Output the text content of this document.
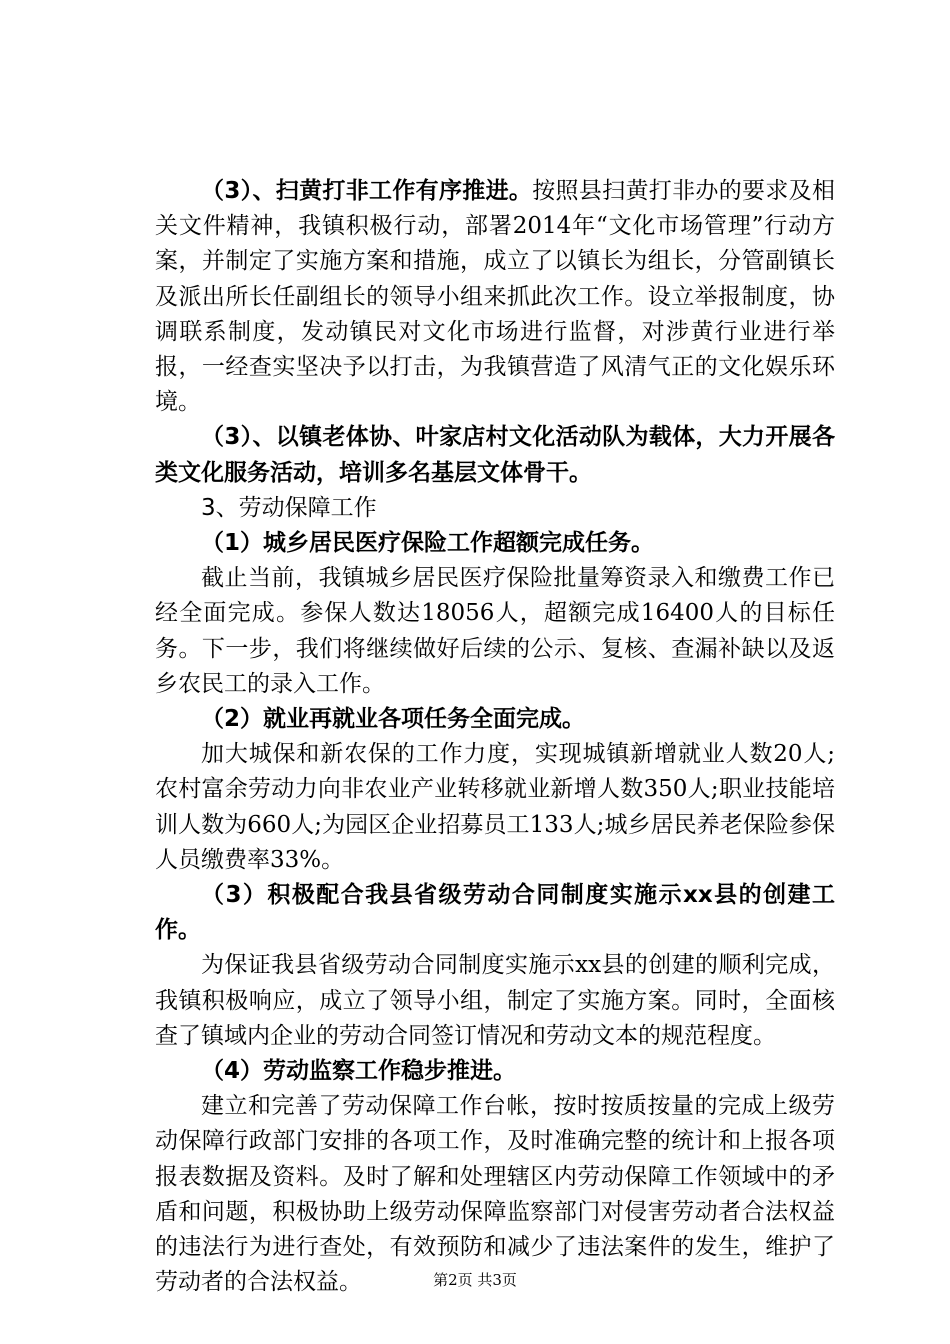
（3）、扫黄打非工作有序推进。按照县扫黄打非办的要求及相关文件精神，我镇积极行动，部署2014年“文化市场管理”行动方案，并制定了实施方案和措施，成立了以镇长为组长，分管副镇长及派出所长任副组长的领导小组来抓此次工作。设立举报制度，协调联系制度，发动镇民对文化市场进行监督，对涉黄行业进行举报，一经查实坚决予以打击，为我镇营造了风清气正的文化娱乐环境。

（3）、以镇老体协、叶家店村文化活动队为载体，大力开展各类文化服务活动，培训多名基层文体骨干。

3、劳动保障工作

（1）城乡居民医疗保险工作超额完成任务。

截止当前，我镇城乡居民医疗保险批量筹资录入和缴费工作已经全面完成。参保人数达18056人，超额完成16400人的目标任务。下一步，我们将继续做好后续的公示、复核、查漏补缺以及返乡农民工的录入工作。

（2）就业再就业各项任务全面完成。

加大城保和新农保的工作力度，实现城镇新增就业人数20人;农村富余劳动力向非农业产业转移就业新增人数350人;职业技能培训人数为660人;为园区企业招募员工133人;城乡居民养老保险参保人员缴费率33%。

（3）积极配合我县省级劳动合同制度实施示xx县的创建工作。

为保证我县省级劳动合同制度实施示xx县的创建的顺利完成，我镇积极响应，成立了领导小组，制定了实施方案。同时，全面核查了镇域内企业的劳动合同签订情况和劳动文本的规范程度。

（4）劳动监察工作稳步推进。

建立和完善了劳动保障工作台帐，按时按质按量的完成上级劳动保障行政部门安排的各项工作，及时准确完整的统计和上报各项报表数据及资料。及时了解和处理辖区内劳动保障工作领域中的矛盾和问题，积极协助上级劳动保障监察部门对侵害劳动者合法权益的违法行为进行查处，有效预防和减少了违法案件的发生，维护了劳动者的合法权益。	第2页 共3页
